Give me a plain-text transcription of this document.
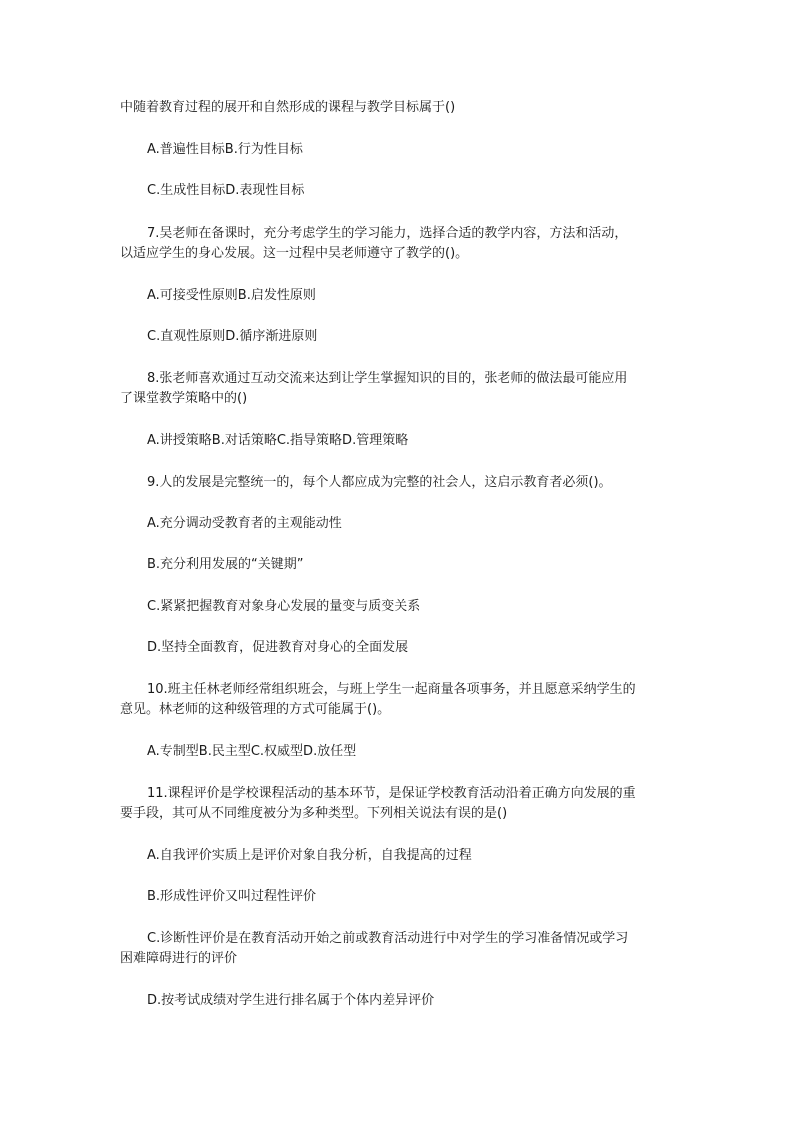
中随着教育过程的展开和自然形成的课程与教学目标属于()
A.普遍性目标B.行为性目标
C.生成性目标D.表现性目标
7.吴老师在备课时，充分考虑学生的学习能力，选择合适的教学内容，方法和活动，
以适应学生的身心发展。这一过程中吴老师遵守了教学的()。
A.可接受性原则B.启发性原则
C.直观性原则D.循序渐进原则
8.张老师喜欢通过互动交流来达到让学生掌握知识的目的，张老师的做法最可能应用
了课堂教学策略中的()
A.讲授策略B.对话策略C.指导策略D.管理策略
9.人的发展是完整统一的，每个人都应成为完整的社会人，这启示教育者必须()。
A.充分调动受教育者的主观能动性
B.充分利用发展的“关键期”
C.紧紧把握教育对象身心发展的量变与质变关系
D.坚持全面教育，促进教育对身心的全面发展
10.班主任林老师经常组织班会，与班上学生一起商量各项事务，并且愿意采纳学生的
意见。林老师的这种级管理的方式可能属于()。
A.专制型B.民主型C.权威型D.放任型
11.课程评价是学校课程活动的基本环节，是保证学校教育活动沿着正确方向发展的重
要手段，其可从不同维度被分为多种类型。下列相关说法有误的是()
A.自我评价实质上是评价对象自我分析，自我提高的过程
B.形成性评价又叫过程性评价
C.诊断性评价是在教育活动开始之前或教育活动进行中对学生的学习准备情况或学习
困难障碍进行的评价
D.按考试成绩对学生进行排名属于个体内差异评价
